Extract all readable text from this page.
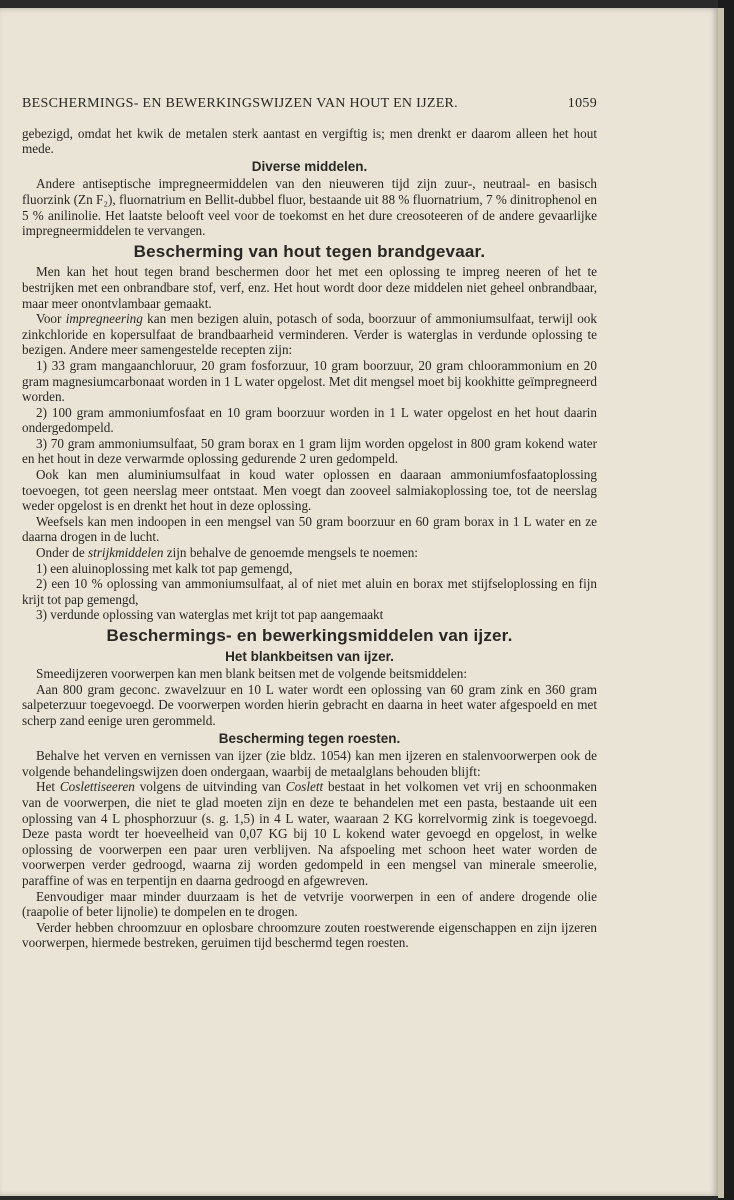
BESCHERMINGS- EN BEWERKINGSWIJZEN VAN HOUT EN IJZER.	1059

gebezigd, omdat het kwik de metalen sterk aantast en vergiftig is; men drenkt er daarom alleen het hout mede.

Diverse middelen.

Andere antiseptische impregneermiddelen van den nieuweren tijd zijn zuur-, neutraal- en basisch fluorzink (Zn F₂), fluornatrium en Bellit-dubbel fluor, bestaande uit 88 % fluornatrium, 7 % dinitrophenol en 5 % anilinolie. Het laatste belooft veel voor de toekomst en het dure creosoteeren of de andere gevaarlijke impregneermiddelen te vervangen.

Bescherming van hout tegen brandgevaar.

Men kan het hout tegen brand beschermen door het met een oplossing te impreg neeren of het te bestrijken met een onbrandbare stof, verf, enz. Het hout wordt door deze middelen niet geheel onbrandbaar, maar meer onontvlambaar gemaakt.

Voor impregneering kan men bezigen aluin, potasch of soda, boorzuur of ammoniumsulfaat, terwijl ook zinkchloride en kopersulfaat de brandbaarheid verminderen. Verder is waterglas in verdunde oplossing te bezigen. Andere meer samengestelde recepten zijn:

1) 33 gram mangaanchloruur, 20 gram fosforzuur, 10 gram boorzuur, 20 gram chloorammonium en 20 gram magnesiumcarbonaat worden in 1 L water opgelost. Met dit mengsel moet bij kookhitte geïmpregneerd worden.

2) 100 gram ammoniumfosfaat en 10 gram boorzuur worden in 1 L water opgelost en het hout daarin ondergedompeld.

3) 70 gram ammoniumsulfaat, 50 gram borax en 1 gram lijm worden opgelost in 800 gram kokend water en het hout in deze verwarmde oplossing gedurende 2 uren gedompeld.

Ook kan men aluminiumsulfaat in koud water oplossen en daaraan ammoniumfosfaatoplossing toevoegen, tot geen neerslag meer ontstaat. Men voegt dan zooveel salmiakoplossing toe, tot de neerslag weder opgelost is en drenkt het hout in deze oplossing.

Weefsels kan men indoopen in een mengsel van 50 gram boorzuur en 60 gram borax in 1 L water en ze daarna drogen in de lucht.

Onder de strijkmiddelen zijn behalve de genoemde mengsels te noemen:

1) een aluinoplossing met kalk tot pap gemengd,

2) een 10 % oplossing van ammoniumsulfaat, al of niet met aluin en borax met stijfseloplossing en fijn krijt tot pap gemengd,

3) verdunde oplossing van waterglas met krijt tot pap aangemaakt

Beschermings- en bewerkingsmiddelen van ijzer.
Het blankbeitsen van ijzer.

Smeedijzeren voorwerpen kan men blank beitsen met de volgende beitsmiddelen:

Aan 800 gram geconc. zwavelzuur en 10 L water wordt een oplossing van 60 gram zink en 360 gram salpeterzuur toegevoegd. De voorwerpen worden hierin gebracht en daarna in heet water afgespoeld en met scherp zand eenige uren gerommeld.

Bescherming tegen roesten.

Behalve het verven en vernissen van ijzer (zie bldz. 1054) kan men ijzeren en stalenvoorwerpen ook de volgende behandelingswijzen doen ondergaan, waarbij de metaalglans behouden blijft:

Het Coslettiseeren volgens de uitvinding van Coslett bestaat in het volkomen vet vrij en schoonmaken van de voorwerpen, die niet te glad moeten zijn en deze te behandelen met een pasta, bestaande uit een oplossing van 4 L phosphorzuur (s. g. 1,5) in 4 L water, waaraan 2 KG korrelvormig zink is toegevoegd. Deze pasta wordt ter hoeveelheid van 0,07 KG bij 10 L kokend water gevoegd en opgelost, in welke oplossing de voorwerpen een paar uren verblijven. Na afspoeling met schoon heet water worden de voorwerpen verder gedroogd, waarna zij worden gedompeld in een mengsel van minerale smeerolie, paraffine of was en terpentijn en daarna gedroogd en afgewreven.

Eenvoudiger maar minder duurzaam is het de vetvrije voorwerpen in een of andere drogende olie (raapolie of beter lijnolie) te dompelen en te drogen.

Verder hebben chroomzuur en oplosbare chroomzure zouten roestwerende eigenschappen en zijn ijzeren voorwerpen, hiermede bestreken, geruimen tijd beschermd tegen roesten.
